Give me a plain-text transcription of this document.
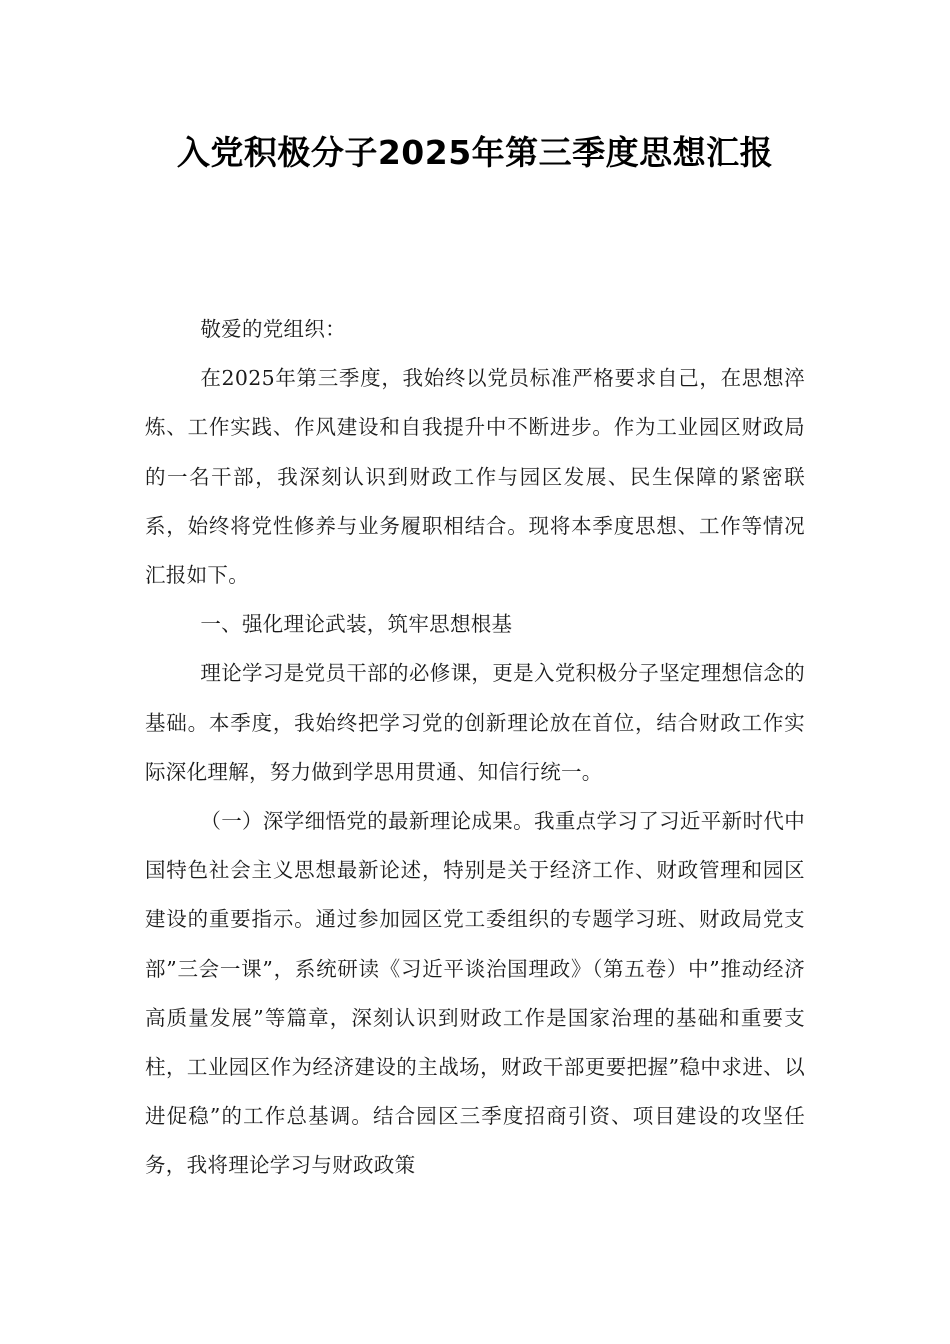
入党积极分子2025年第三季度思想汇报

敬爱的党组织：

在2025年第三季度，我始终以党员标准严格要求自己，在思想淬炼、工作实践、作风建设和自我提升中不断进步。作为工业园区财政局的一名干部，我深刻认识到财政工作与园区发展、民生保障的紧密联系，始终将党性修养与业务履职相结合。现将本季度思想、工作等情况汇报如下。

一、强化理论武装，筑牢思想根基

理论学习是党员干部的必修课，更是入党积极分子坚定理想信念的基础。本季度，我始终把学习党的创新理论放在首位，结合财政工作实际深化理解，努力做到学思用贯通、知信行统一。

（一）深学细悟党的最新理论成果。我重点学习了习近平新时代中国特色社会主义思想最新论述，特别是关于经济工作、财政管理和园区建设的重要指示。通过参加园区党工委组织的专题学习班、财政局党支部”三会一课”，系统研读《习近平谈治国理政》（第五卷）中”推动经济高质量发展”等篇章，深刻认识到财政工作是国家治理的基础和重要支柱，工业园区作为经济建设的主战场，财政干部更要把握”稳中求进、以进促稳”的工作总基调。结合园区三季度招商引资、项目建设的攻坚任务，我将理论学习与财政政策
